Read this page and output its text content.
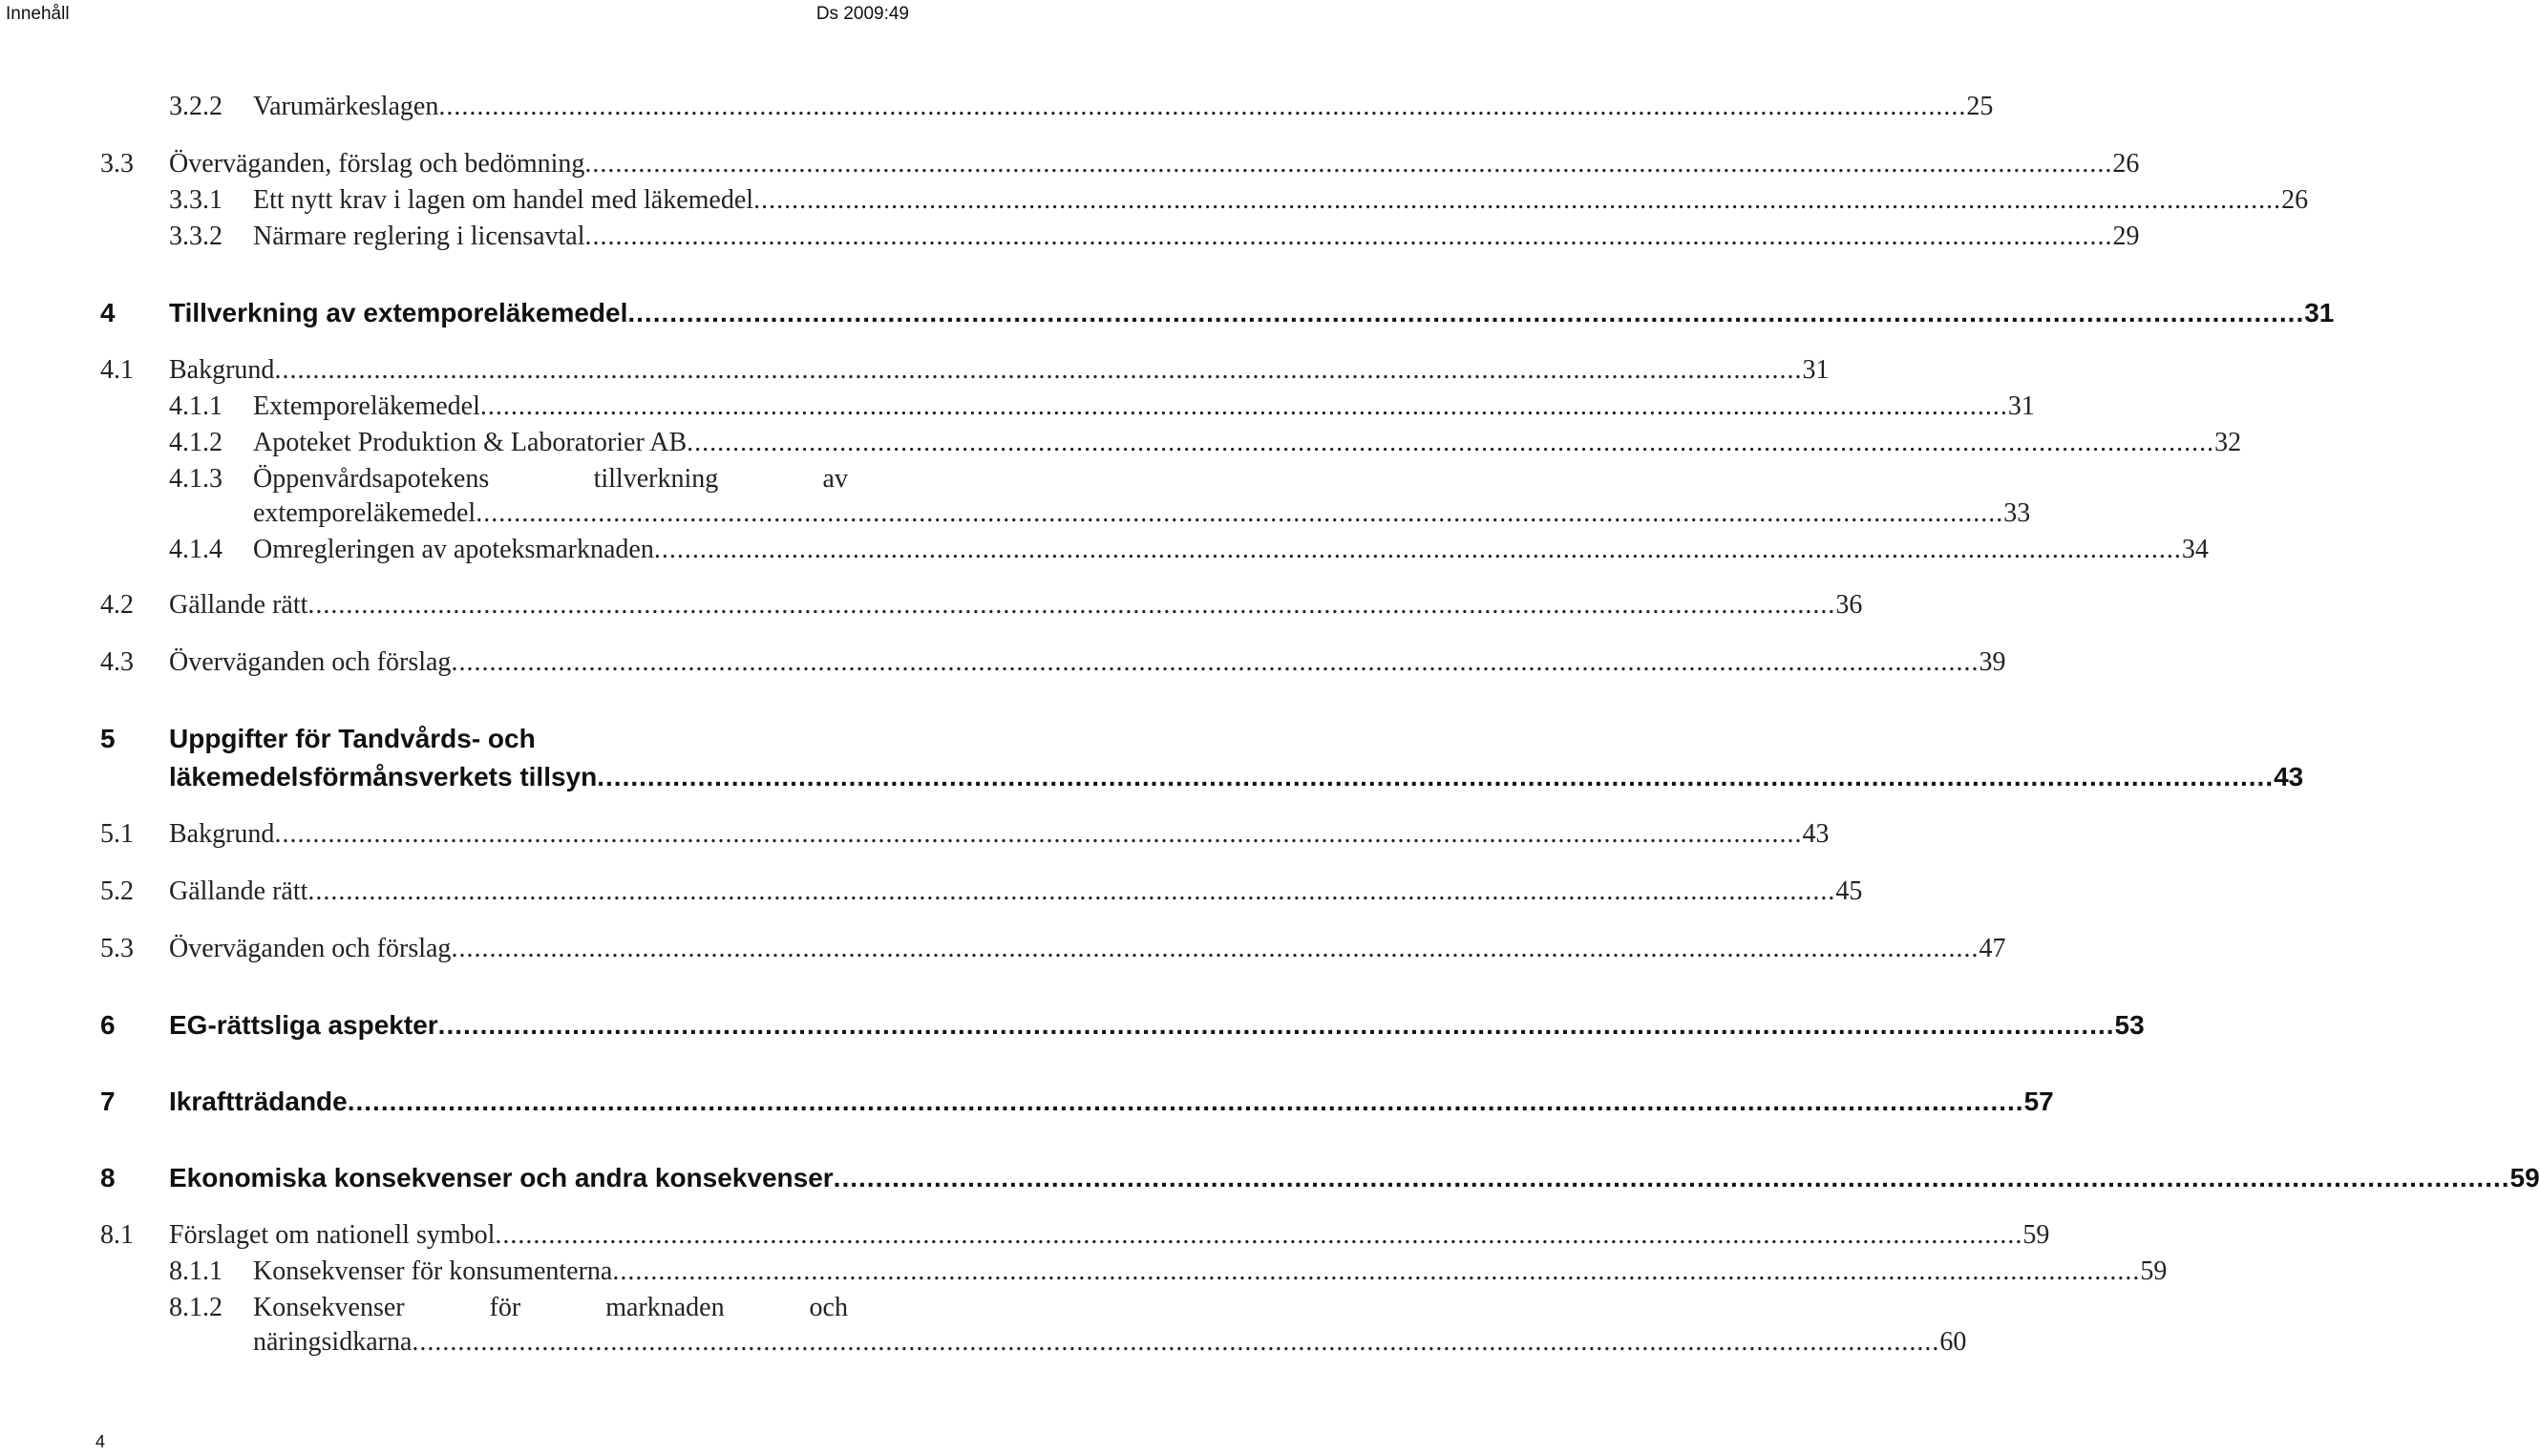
Innehåll	Ds 2009:49
3.2.2 Varumärkeslagen ........................................................................................................................................................................................................ 25
3.3 Överväganden, förslag och bedömning ........................................................................................................................................................................................................ 26
3.3.1 Ett nytt krav i lagen om handel med läkemedel ........................................................................................................................................................................................................ 26
3.3.2 Närmare reglering i licensavtal ........................................................................................................................................................................................................ 29
4 Tillverkning av extemporeläkemedel ........................................................................................................................................................................................................ 31
4.1 Bakgrund ........................................................................................................................................................................................................ 31
4.1.1 Extemporeläkemedel ........................................................................................................................................................................................................ 31
4.1.2 Apoteket Produktion & Laboratorier AB ........................................................................................................................................................................................................ 32
4.1.3 Öppenvårdsapotekens	tillverkning	av
extemporeläkemedel ........................................................................................................................................................................................................ 33
4.1.4 Omregleringen av apoteksmarknaden ........................................................................................................................................................................................................ 34
4.2 Gällande rätt ........................................................................................................................................................................................................ 36
4.3 Överväganden och förslag ........................................................................................................................................................................................................ 39
5 Uppgifter för Tandvårds- och
läkemedelsförmånsverkets tillsyn ........................................................................................................................................................................................................ 43
5.1 Bakgrund ........................................................................................................................................................................................................ 43
5.2 Gällande rätt ........................................................................................................................................................................................................ 45
5.3 Överväganden och förslag ........................................................................................................................................................................................................ 47
6 EG-rättsliga aspekter ........................................................................................................................................................................................................ 53
7 Ikraftträdande ........................................................................................................................................................................................................ 57
8 Ekonomiska konsekvenser och andra konsekvenser ........................................................................................................................................................................................................ 59
8.1 Förslaget om nationell symbol ........................................................................................................................................................................................................ 59
8.1.1 Konsekvenser för konsumenterna ........................................................................................................................................................................................................ 59
8.1.2 Konsekvenser	för	marknaden	och
näringsidkarna ........................................................................................................................................................................................................ 60
4
